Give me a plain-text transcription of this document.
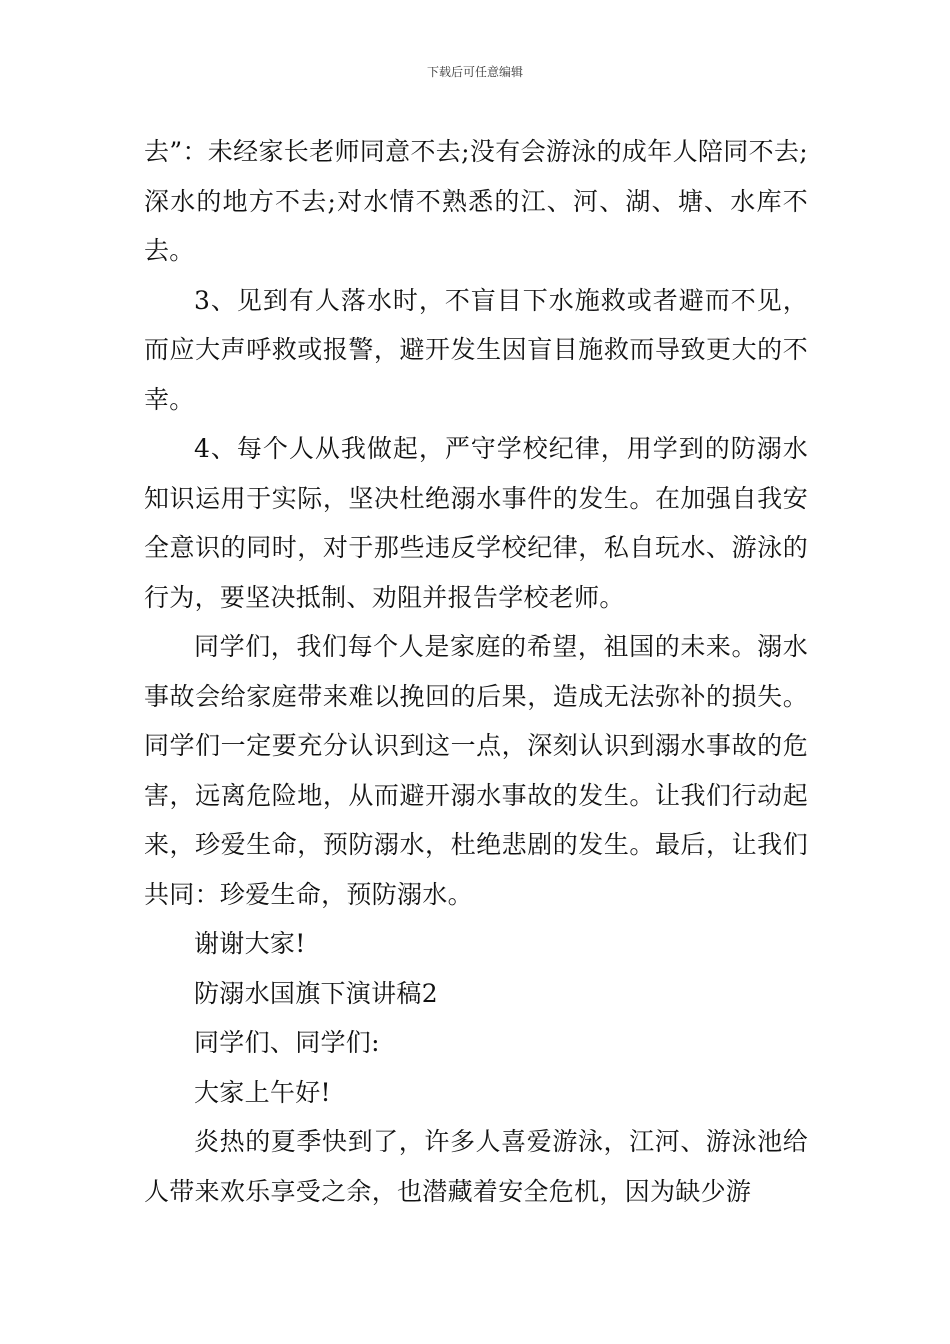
下载后可任意编辑

去”：未经家长老师同意不去;没有会游泳的成年人陪同不去;深水的地方不去;对水情不熟悉的江、河、湖、塘、水库不去。

3、见到有人落水时，不盲目下水施救或者避而不见，而应大声呼救或报警，避开发生因盲目施救而导致更大的不幸。

4、每个人从我做起，严守学校纪律，用学到的防溺水知识运用于实际，坚决杜绝溺水事件的发生。在加强自我安全意识的同时，对于那些违反学校纪律，私自玩水、游泳的行为，要坚决抵制、劝阻并报告学校老师。

同学们，我们每个人是家庭的希望，祖国的未来。溺水事故会给家庭带来难以挽回的后果，造成无法弥补的损失。同学们一定要充分认识到这一点，深刻认识到溺水事故的危害，远离危险地，从而避开溺水事故的发生。让我们行动起来，珍爱生命，预防溺水，杜绝悲剧的发生。最后，让我们共同：珍爱生命，预防溺水。

谢谢大家!

防溺水国旗下演讲稿2

同学们、同学们:

大家上午好!

炎热的夏季快到了，许多人喜爱游泳，江河、游泳池给人带来欢乐享受之余，也潜藏着安全危机，因为缺少游
